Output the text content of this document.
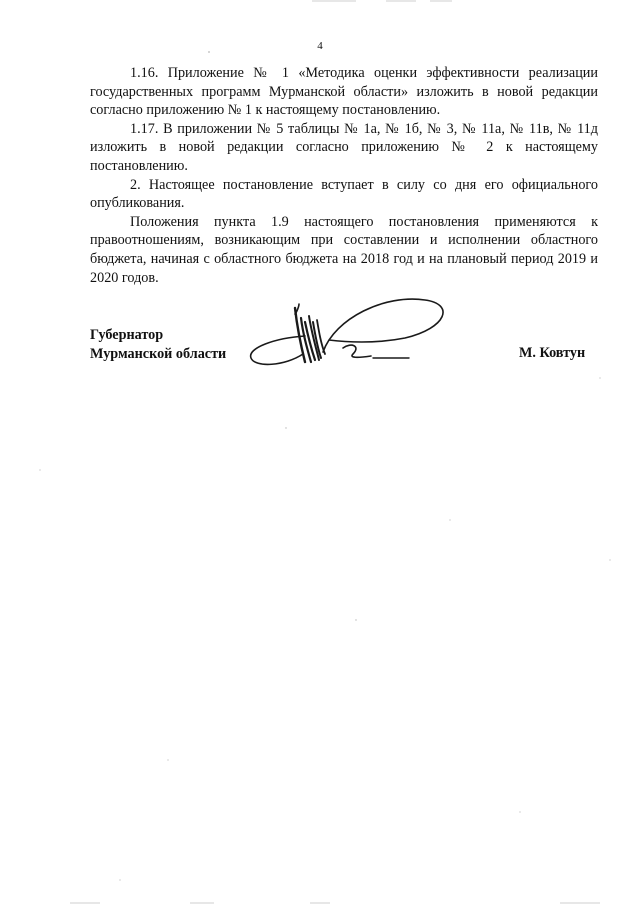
4

1.16. Приложение № 1 «Методика оценки эффективности реализации государственных программ Мурманской области» изложить в новой редакции согласно приложению № 1 к настоящему постановлению.

1.17. В приложении № 5 таблицы № 1а, № 1б, № 3, № 11а, № 11в, № 11д изложить в новой редакции согласно приложению № 2 к настоящему постановлению.

2. Настоящее постановление вступает в силу со дня его официального опубликования.

Положения пункта 1.9 настоящего постановления применяются к правоотношениям, возникающим при составлении и исполнении областного бюджета, начиная с областного бюджета на 2018 год и на плановый период 2019 и 2020 годов.

Губернатор
Мурманской области	М. Ковтун
